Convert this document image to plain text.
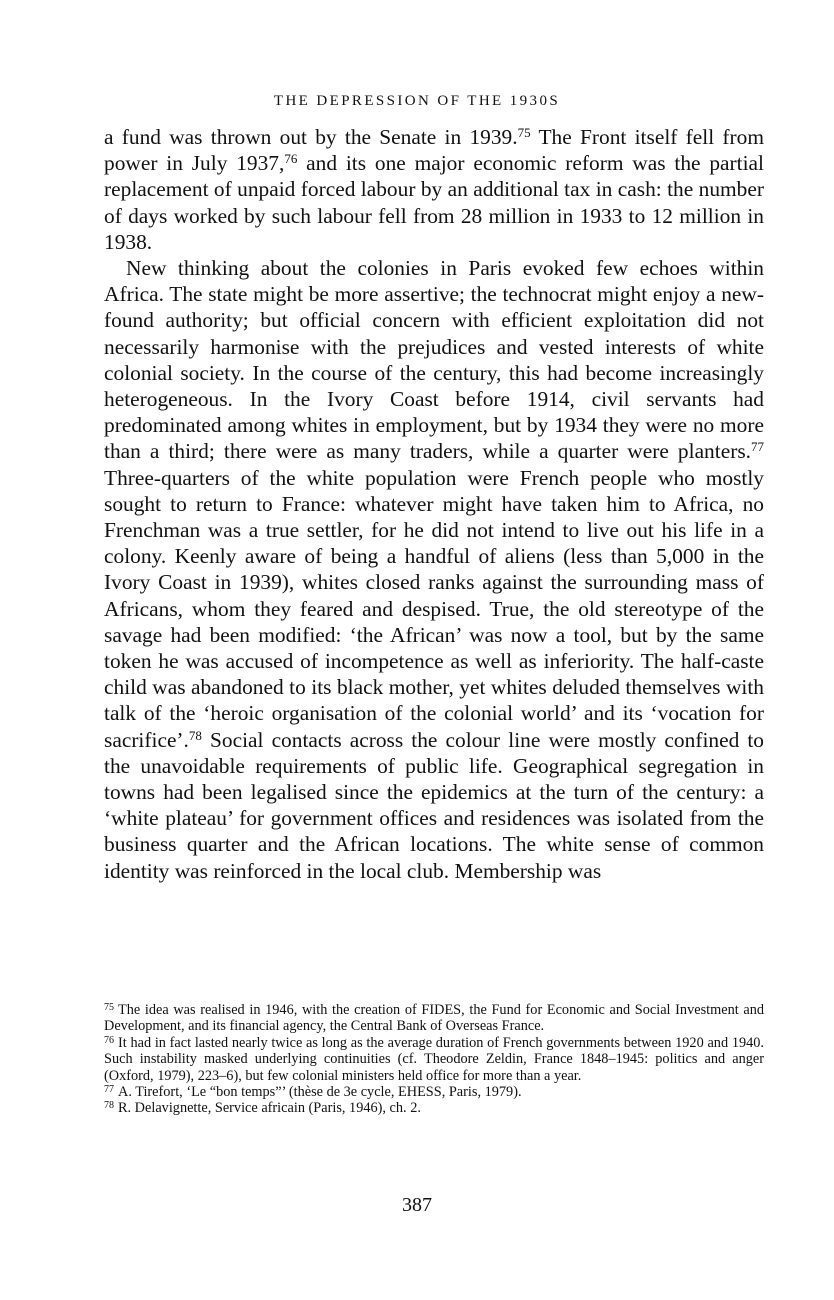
THE DEPRESSION OF THE 1930S

a fund was thrown out by the Senate in 1939.75 The Front itself fell from power in July 1937,76 and its one major economic reform was the partial replacement of unpaid forced labour by an additional tax in cash: the number of days worked by such labour fell from 28 million in 1933 to 12 million in 1938.

New thinking about the colonies in Paris evoked few echoes within Africa. The state might be more assertive; the technocrat might enjoy a new-found authority; but official concern with efficient exploitation did not necessarily harmonise with the prejudices and vested interests of white colonial society. In the course of the century, this had become increasingly heterogeneous. In the Ivory Coast before 1914, civil servants had predominated among whites in employment, but by 1934 they were no more than a third; there were as many traders, while a quarter were planters.$^{77}$ Three-quarters of the white population were French people who mostly sought to return to France: whatever might have taken him to Africa, no Frenchman was a true settler, for he did not intend to live out his life in a colony. Keenly aware of being a handful of aliens (less than 5,000 in the Ivory Coast in 1939), whites closed ranks against the surrounding mass of Africans, whom they feared and despised. True, the old stereotype of the savage had been modified: ‘the African’ was now a tool, but by the same token he was accused of incompetence as well as inferiority. The half-caste child was abandoned to its black mother, yet whites deluded themselves with talk of the ‘heroic organisation of the colonial world’ and its ‘vocation for sacrifice’.$^{78}$ Social contacts across the colour line were mostly confined to the unavoidable requirements of public life. Geographical segregation in towns had been legalised since the epidemics at the turn of the century: a ‘white plateau’ for government offices and residences was isolated from the business quarter and the African locations. The white sense of common identity was reinforced in the local club. Membership was

$^{75}$ The idea was realised in 1946, with the creation of FIDES, the Fund for Economic and Social Investment and Development, and its financial agency, the Central Bank of Overseas France.

$^{76}$ It had in fact lasted nearly twice as long as the average duration of French governments between 1920 and 1940. Such instability masked underlying continuities (cf. Theodore Zeldin, France 1848–1945: politics and anger (Oxford, 1979), 223–6), but few colonial ministers held office for more than a year.

$^{77}$ A. Tirefort, ‘Le “bon temps”’ (thèse de 3e cycle, EHESS, Paris, 1979).

$^{78}$ R. Delavignette, Service africain (Paris, 1946), ch. 2.

387
